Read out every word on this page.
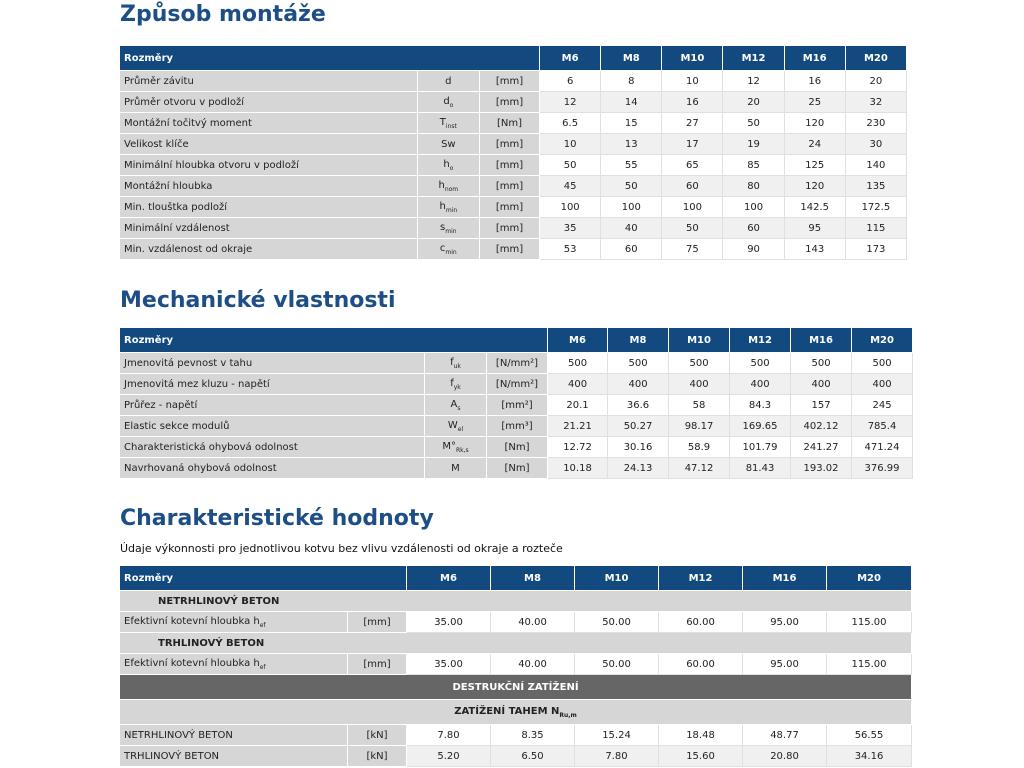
Způsob montáže
Rozměry			M6	M8	M10	M12	M16	M20
Průměr závitu	d	[mm]	6	8	10	12	16	20
Průměr otvoru v podloží	$d_o$	[mm]	12	14	16	20	25	32
Montážní točitvý moment	$T_{inst}$	[Nm]	6.5	15	27	50	120	230
Velikost klíče	Sw	[mm]	10	13	17	19	24	30
Minimální hloubka otvoru v podloží	$h_o$	[mm]	50	55	65	85	125	140
Montážní hloubka	$h_{nom}$	[mm]	45	50	60	80	120	135
Min. tlouštka podloží	$h_{min}$	[mm]	100	100	100	100	142.5	172.5
Minimální vzdálenost	$s_{min}$	[mm]	35	40	50	60	95	115
Min. vzdálenost od okraje	$c_{min}$	[mm]	53	60	75	90	143	173
Mechanické vlastnosti
Rozměry			M6	M8	M10	M12	M16	M20
Jmenovitá pevnost v tahu	$f_{uk}$	[N/mm²]	500	500	500	500	500	500
Jmenovitá mez kluzu - napětí	$f_{yk}$	[N/mm²]	400	400	400	400	400	400
Průřez - napětí	$A_s$	[mm²]	20.1	36.6	58	84.3	157	245
Elastic sekce modulů	$W_{el}$	[mm³]	21.21	50.27	98.17	169.65	402.12	785.4
Charakteristická ohybová odolnost	$M^\circ_{Rk,s}$	[Nm]	12.72	30.16	58.9	101.79	241.27	471.24
Navrhovaná ohybová odolnost	M	[Nm]	10.18	24.13	47.12	81.43	193.02	376.99
Charakteristické hodnoty

Údaje výkonnosti pro jednotlivou kotvu bez vlivu vzdálenosti od okraje a rozteče

Rozměry		M6	M8	M10	M12	M16	M20
NETRHLINOVÝ BETON							
Efektivní kotevní hloubka $h_{ef}$	[mm]	35.00	40.00	50.00	60.00	95.00	115.00
TRHLINOVÝ BETON							
Efektivní kotevní hloubka $h_{ef}$	[mm]	35.00	40.00	50.00	60.00	95.00	115.00
DESTRUKČNÍ ZATÍŽENÍ							
ZATÍŽENÍ TAHEM $N_{Ru,m}$
NETRHLINOVÝ BETON	[kN]	7.80	8.35	15.24	18.48	48.77	56.55
TRHLINOVÝ BETON	[kN]	5.20	6.50	7.80	15.60	20.80	34.16
